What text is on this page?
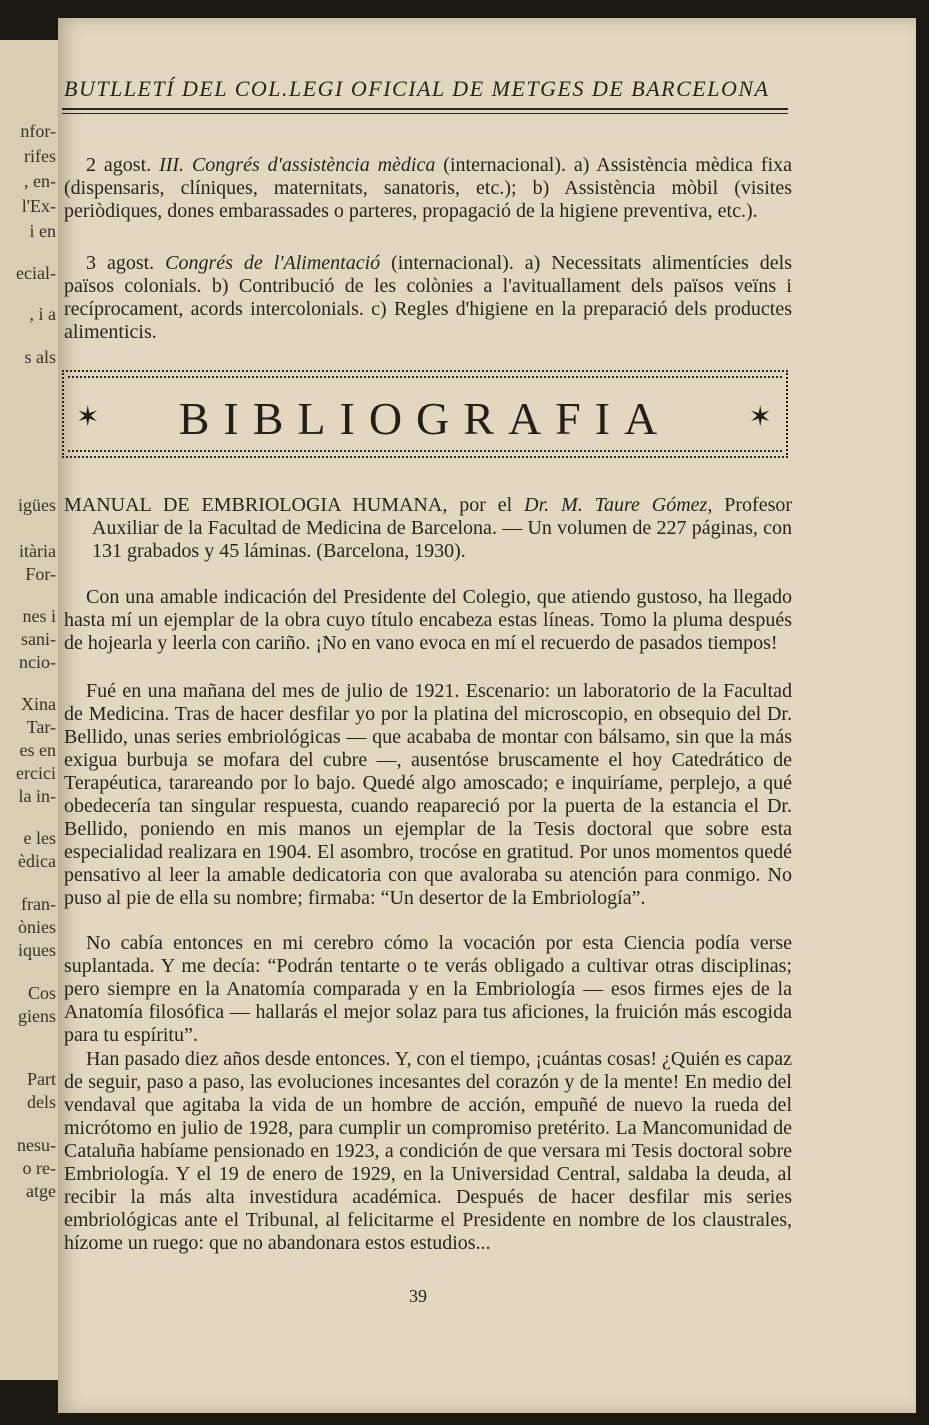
nfor-
rifes
, en-
l'Ex-
i en
ecial-
, i a
s als
igües
itària
For-
nes i
sani-
ncio-
Xina
Tar-
es en
ercici
la in-
e les
èdica
fran-
ònies
iques
Cos
giens
Part
dels
nesu-
o re-
atge
BUTLLETÍ DEL COL.LEGI OFICIAL DE METGES DE BARCELONA

2 agost. III. Congrés d'assistència mèdica (internacional). a) Assistència mèdica fixa (dispensaris, clíniques, maternitats, sanatoris, etc.); b) Assistència mòbil (visites periòdiques, dones embarassades o parteres, propagació de la higiene preventiva, etc.).

3 agost. Congrés de l'Alimentació (internacional). a) Necessitats alimentícies dels països colonials. b) Contribució de les colònies a l'avituallament dels països veïns i recíprocament, acords intercolonials. c) Regles d'higiene en la preparació dels productes alimenticis.

✶	BIBLIOGRAFIA	✶

MANUAL DE EMBRIOLOGIA HUMANA, por el Dr. M. Taure Gómez, Profesor Auxiliar de la Facultad de Medicina de Barcelona. — Un volumen de 227 páginas, con 131 grabados y 45 láminas. (Barcelona, 1930).

Con una amable indicación del Presidente del Colegio, que atiendo gustoso, ha llegado hasta mí un ejemplar de la obra cuyo título encabeza estas líneas. Tomo la pluma después de hojearla y leerla con cariño. ¡No en vano evoca en mí el recuerdo de pasados tiempos!

Fué en una mañana del mes de julio de 1921. Escenario: un laboratorio de la Facultad de Medicina. Tras de hacer desfilar yo por la platina del microscopio, en obsequio del Dr. Bellido, unas series embriológicas — que acababa de montar con bálsamo, sin que la más exigua burbuja se mofara del cubre —, ausentóse bruscamente el hoy Catedrático de Terapéutica, tarareando por lo bajo. Quedé algo amoscado; e inquiríame, perplejo, a qué obedecería tan singular respuesta, cuando reapareció por la puerta de la estancia el Dr. Bellido, poniendo en mis manos un ejemplar de la Tesis doctoral que sobre esta especialidad realizara en 1904. El asombro, trocóse en gratitud. Por unos momentos quedé pensativo al leer la amable dedicatoria con que avaloraba su atención para conmigo. No puso al pie de ella su nombre; firmaba: “Un desertor de la Embriología”.

No cabía entonces en mi cerebro cómo la vocación por esta Ciencia podía verse suplantada. Y me decía: “Podrán tentarte o te verás obligado a cultivar otras disciplinas; pero siempre en la Anatomía comparada y en la Embriología — esos firmes ejes de la Anatomía filosófica — hallarás el mejor solaz para tus aficiones, la fruición más escogida para tu espíritu”.

Han pasado diez años desde entonces. Y, con el tiempo, ¡cuántas cosas! ¿Quién es capaz de seguir, paso a paso, las evoluciones incesantes del corazón y de la mente! En medio del vendaval que agitaba la vida de un hombre de acción, empuñé de nuevo la rueda del micrótomo en julio de 1928, para cumplir un compromiso pretérito. La Mancomunidad de Cataluña habíame pensionado en 1923, a condición de que versara mi Tesis doctoral sobre Embriología. Y el 19 de enero de 1929, en la Universidad Central, saldaba la deuda, al recibir la más alta investidura académica. Después de hacer desfilar mis series embriológicas ante el Tribunal, al felicitarme el Presidente en nombre de los claustrales, hízome un ruego: que no abandonara estos estudios...

39
